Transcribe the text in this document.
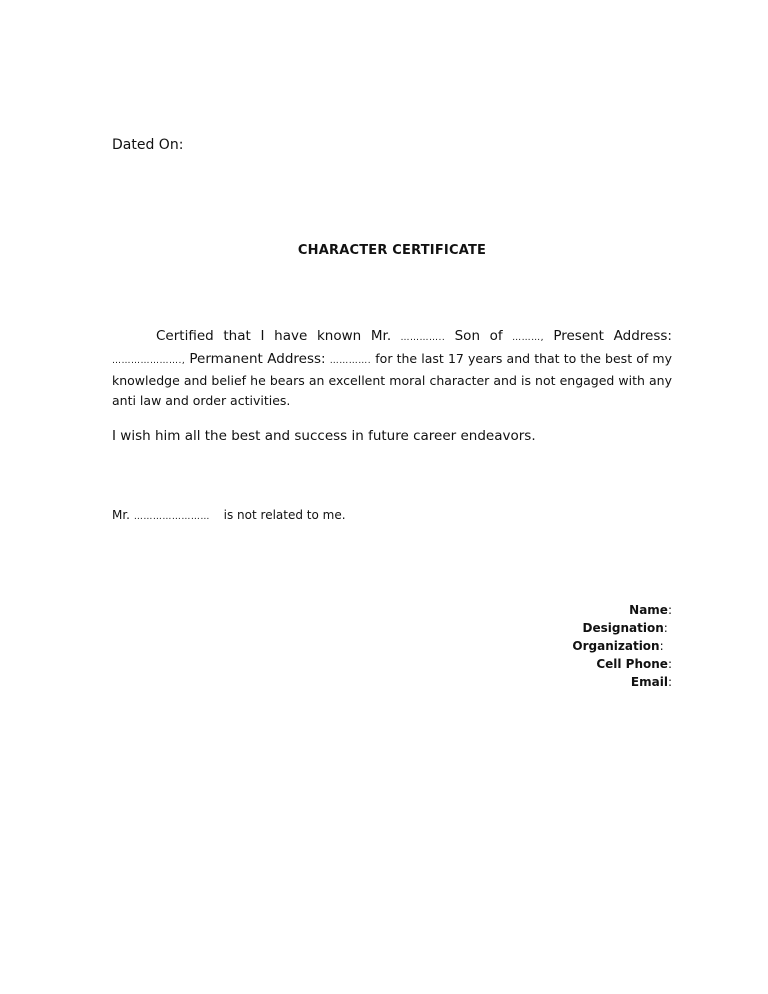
Dated On:
CHARACTER CERTIFICATE
Certified that I have known Mr. ………….. Son of ………, Present Address: …………………., Permanent Address: …………. for the last 17 years and that to the best of my knowledge and belief he bears an excellent moral character and is not engaged with any anti law and order activities.
I wish him all the best and success in future career endeavors.
Mr. …………………… is not related to me.
Name:
Designation:
Organization:
Cell Phone:
Email:
